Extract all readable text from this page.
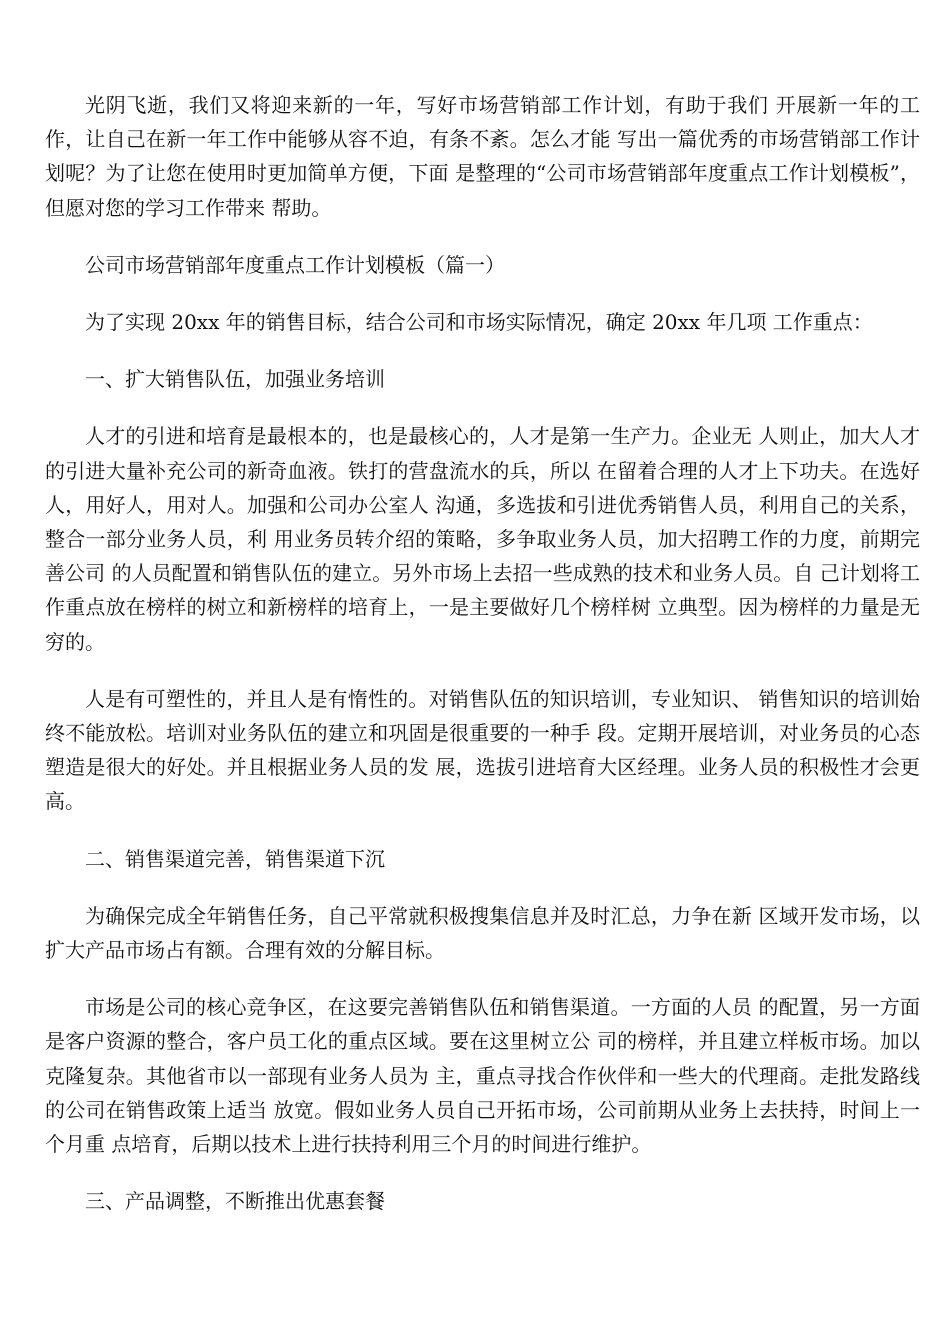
光阴飞逝，我们又将迎来新的一年，写好市场营销部工作计划，有助于我们 开展新一年的工作，让自己在新一年工作中能够从容不迫，有条不紊。怎么才能 写出一篇优秀的市场营销部工作计划呢？为了让您在使用时更加简单方便，下面 是整理的“公司市场营销部年度重点工作计划模板”，但愿对您的学习工作带来 帮助。

公司市场营销部年度重点工作计划模板（篇一）

为了实现 20xx 年的销售目标，结合公司和市场实际情况，确定 20xx 年几项 工作重点：

一、扩大销售队伍，加强业务培训

人才的引进和培育是最根本的，也是最核心的，人才是第一生产力。企业无 人则止，加大人才的引进大量补充公司的新奇血液。铁打的营盘流水的兵，所以 在留着合理的人才上下功夫。在选好人，用好人，用对人。加强和公司办公室人 沟通，多选拔和引进优秀销售人员，利用自己的关系，整合一部分业务人员，利 用业务员转介绍的策略，多争取业务人员，加大招聘工作的力度，前期完善公司 的人员配置和销售队伍的建立。另外市场上去招一些成熟的技术和业务人员。自 己计划将工作重点放在榜样的树立和新榜样的培育上，一是主要做好几个榜样树 立典型。因为榜样的力量是无穷的。

人是有可塑性的，并且人是有惰性的。对销售队伍的知识培训，专业知识、 销售知识的培训始终不能放松。培训对业务队伍的建立和巩固是很重要的一种手 段。定期开展培训，对业务员的心态塑造是很大的好处。并且根据业务人员的发 展，选拔引进培育大区经理。业务人员的积极性才会更高。

二、销售渠道完善，销售渠道下沉

为确保完成全年销售任务，自己平常就积极搜集信息并及时汇总，力争在新 区域开发市场，以扩大产品市场占有额。合理有效的分解目标。

市场是公司的核心竞争区，在这要完善销售队伍和销售渠道。一方面的人员 的配置，另一方面是客户资源的整合，客户员工化的重点区域。要在这里树立公 司的榜样，并且建立样板市场。加以克隆复杂。其他省市以一部现有业务人员为 主，重点寻找合作伙伴和一些大的代理商。走批发路线的公司在销售政策上适当 放宽。假如业务人员自己开拓市场，公司前期从业务上去扶持，时间上一个月重 点培育，后期以技术上进行扶持利用三个月的时间进行维护。

三、产品调整，不断推出优惠套餐
